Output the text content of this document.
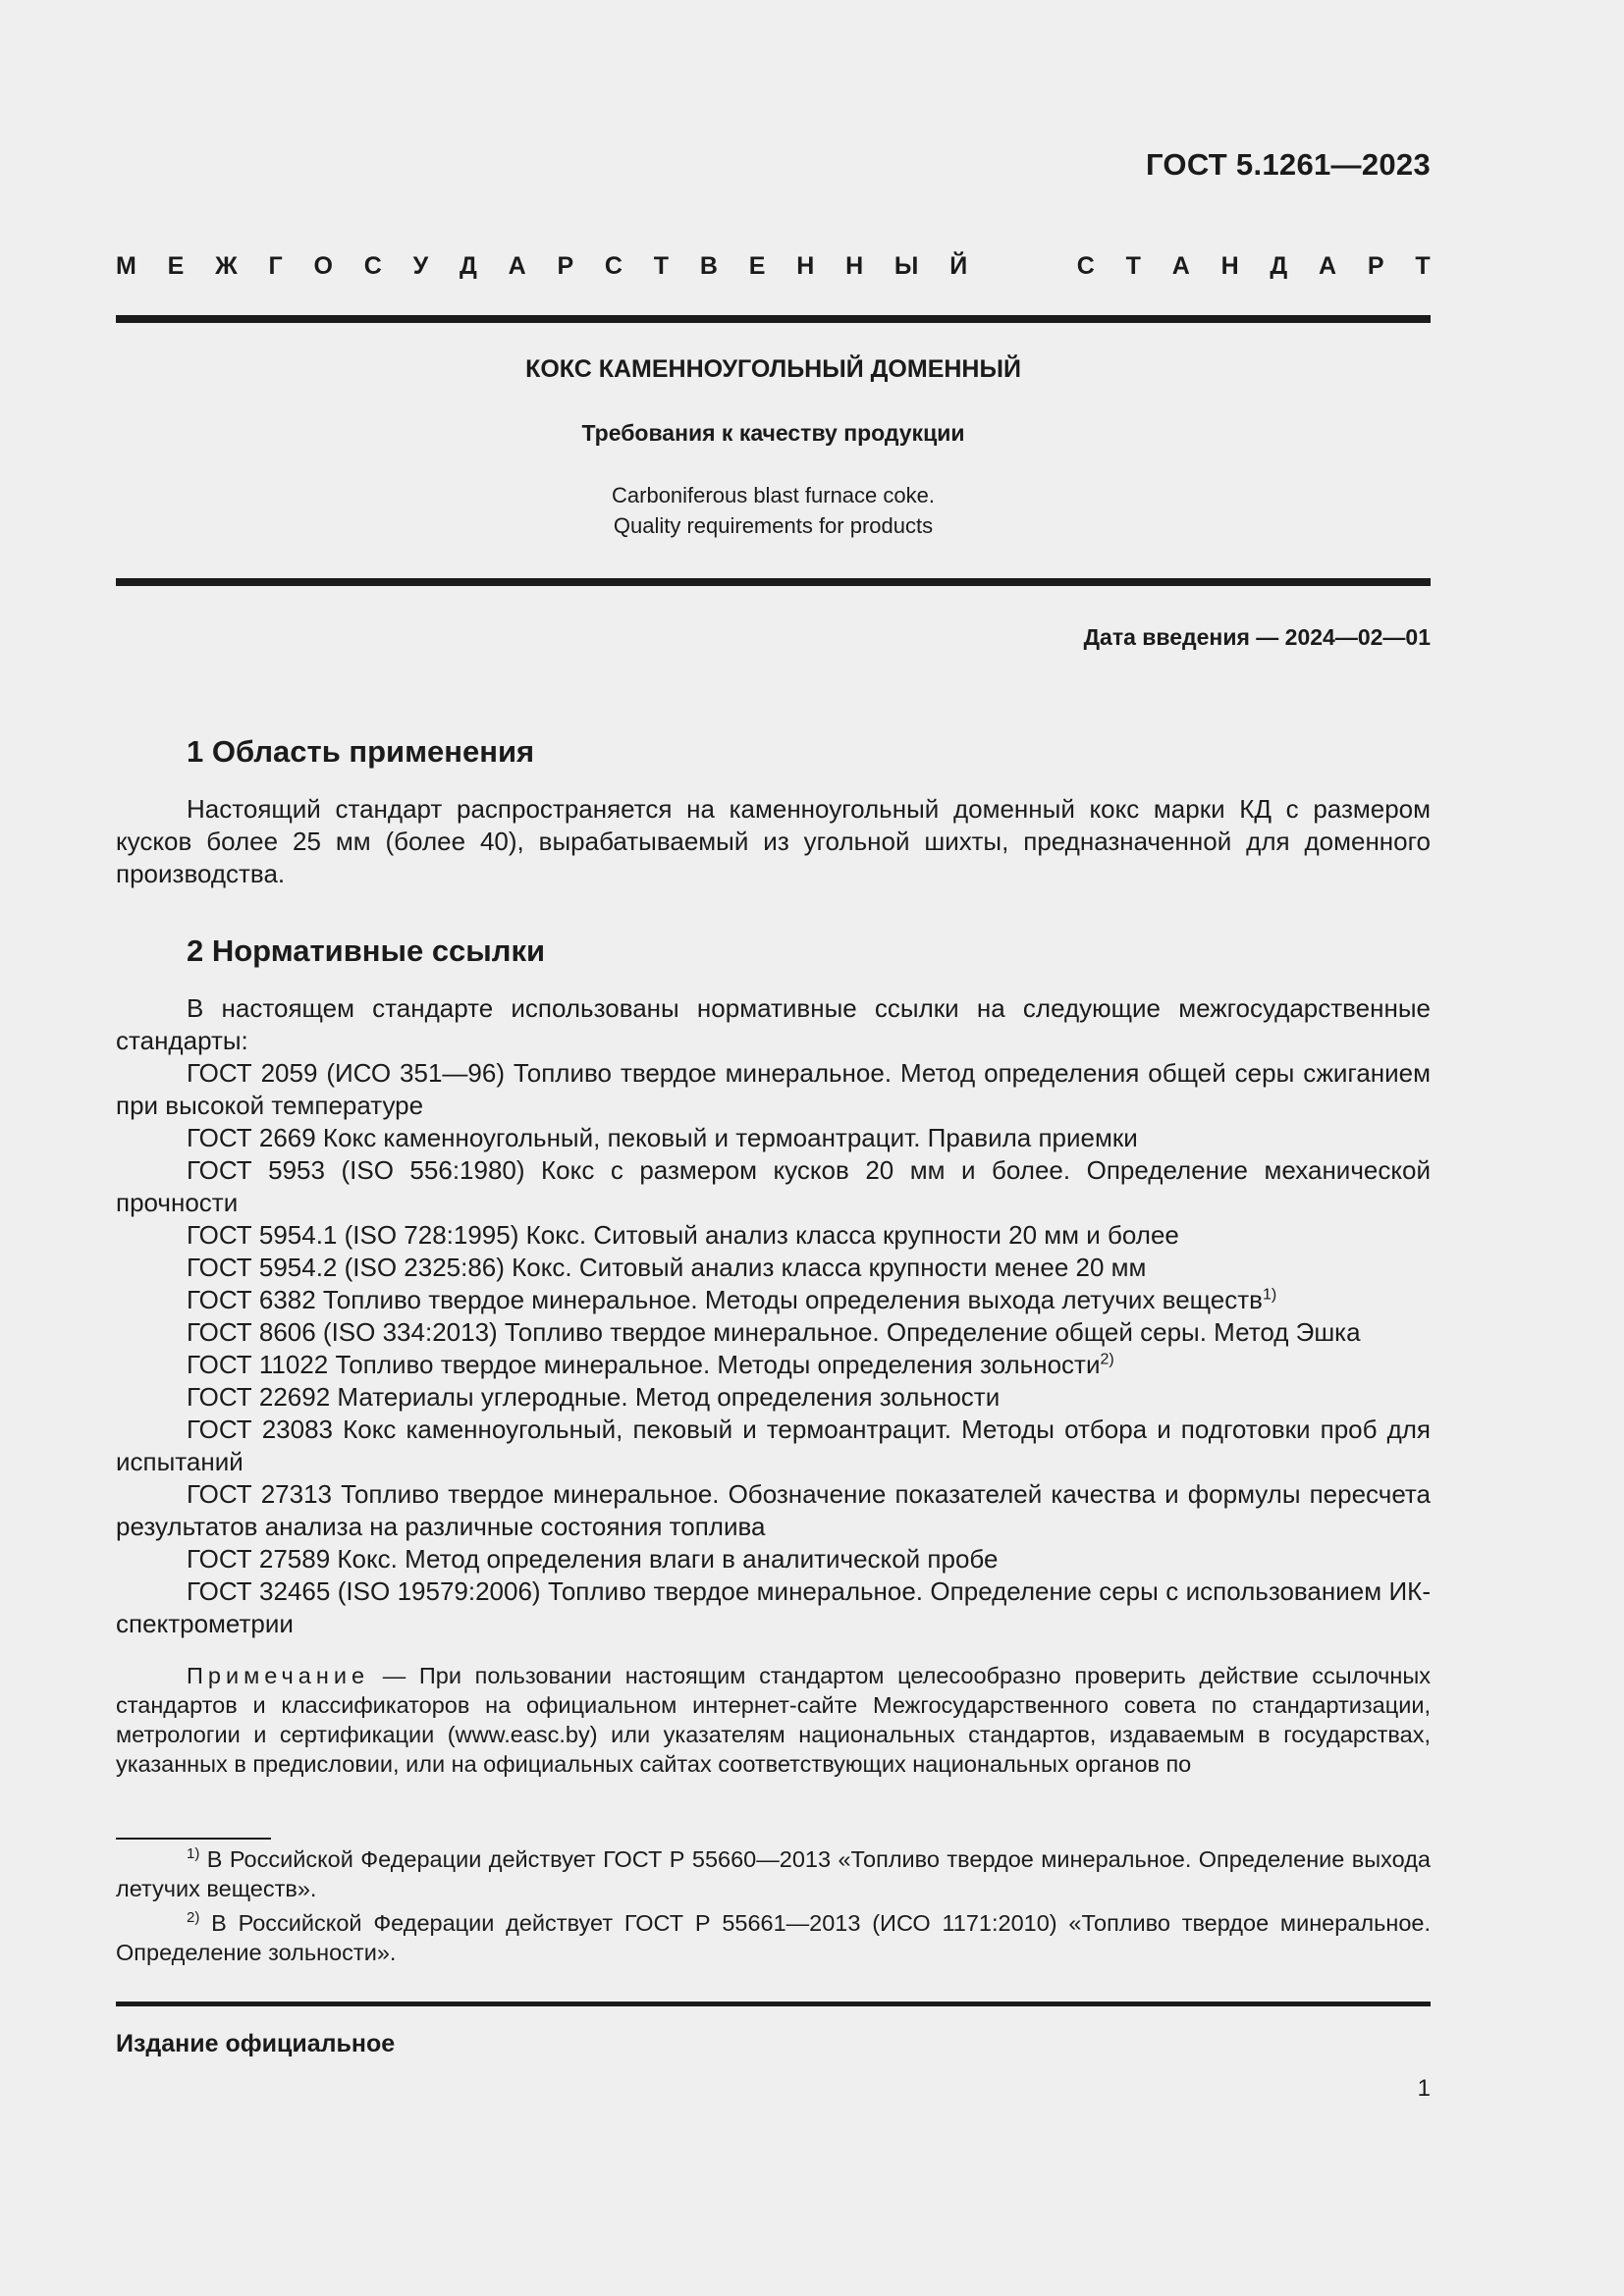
ГОСТ 5.1261—2023
М Е Ж Г О С У Д А Р С Т В Е Н Н Ы Й	С Т А Н Д А Р Т
КОКС КАМЕННОУГОЛЬНЫЙ ДОМЕННЫЙ
Требования к качеству продукции
Carboniferous blast furnace coke.
Quality requirements for products
Дата введения — 2024—02—01
1 Область применения

Настоящий стандарт распространяется на каменноугольный доменный кокс марки КД с размером кусков более 25 мм (более 40), вырабатываемый из угольной шихты, предназначенной для доменного производства.

2 Нормативные ссылки

В настоящем стандарте использованы нормативные ссылки на следующие межгосударственные стандарты:

ГОСТ 2059 (ИСО 351—96) Топливо твердое минеральное. Метод определения общей серы сжиганием при высокой температуре

ГОСТ 2669 Кокс каменноугольный, пековый и термоантрацит. Правила приемки

ГОСТ 5953 (ISO 556:1980) Кокс с размером кусков 20 мм и более. Определение механической прочности

ГОСТ 5954.1 (ISO 728:1995) Кокс. Ситовый анализ класса крупности 20 мм и более

ГОСТ 5954.2 (ISO 2325:86) Кокс. Ситовый анализ класса крупности менее 20 мм

ГОСТ 6382 Топливо твердое минеральное. Методы определения выхода летучих веществ$^{1)}$

ГОСТ 8606 (ISO 334:2013) Топливо твердое минеральное. Определение общей серы. Метод Эшка

ГОСТ 11022 Топливо твердое минеральное. Методы определения зольности$^{2)}$

ГОСТ 22692 Материалы углеродные. Метод определения зольности

ГОСТ 23083 Кокс каменноугольный, пековый и термоантрацит. Методы отбора и подготовки проб для испытаний

ГОСТ 27313 Топливо твердое минеральное. Обозначение показателей качества и формулы пересчета результатов анализа на различные состояния топлива

ГОСТ 27589 Кокс. Метод определения влаги в аналитической пробе

ГОСТ 32465 (ISO 19579:2006) Топливо твердое минеральное. Определение серы с использованием ИК-спектрометрии

Примечание — При пользовании настоящим стандартом целесообразно проверить действие ссылочных стандартов и классификаторов на официальном интернет-сайте Межгосударственного совета по стандартизации, метрологии и сертификации (www.easc.by) или указателям национальных стандартов, издаваемым в государствах, указанных в предисловии, или на официальных сайтах соответствующих национальных органов по

$^{1)}$ В Российской Федерации действует ГОСТ Р 55660—2013 «Топливо твердое минеральное. Определение выхода летучих веществ».

$^{2)}$ В Российской Федерации действует ГОСТ Р 55661—2013 (ИСО 1171:2010) «Топливо твердое минеральное. Определение зольности».

Издание официальное
1
